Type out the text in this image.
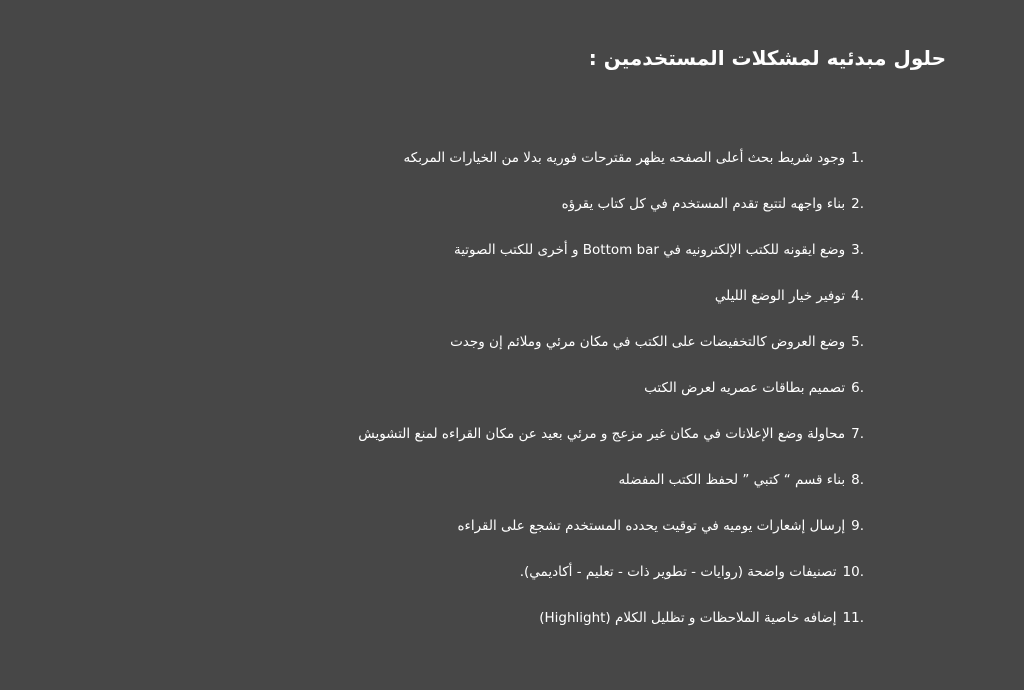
حلول مبدئيه لمشكلات المستخدمين :
1.
وجود شريط بحث أعلى الصفحه يظهر مقترحات فوريه بدلا من الخيارات المربكه
2.
بناء واجهه لتتبع تقدم المستخدم في كل كتاب يقرؤه
3.
وضع ايقونه للكتب الإلكترونيه في Bottom bar و أخرى للكتب الصوتية
4.
توفير خيار الوضع الليلي
5.
وضع العروض كالتخفيضات على الكتب في مكان مرئي وملائم إن وجدت
6.
تصميم بطاقات عصريه لعرض الكتب
7.
محاولة وضع الإعلانات في مكان غير مزعج و مرئي بعيد عن مكان القراءه لمنع التشويش
8.
بناء قسم “ كتبي ” لحفظ الكتب المفضله
9.
إرسال إشعارات يوميه في توقيت يحدده المستخدم تشجع على القراءه
10.
تصنيفات واضحة (روايات - تطوير ذات - تعليم - أكاديمي).
11.
إضافه خاصية الملاحظات و تظليل الكلام (Highlight)
